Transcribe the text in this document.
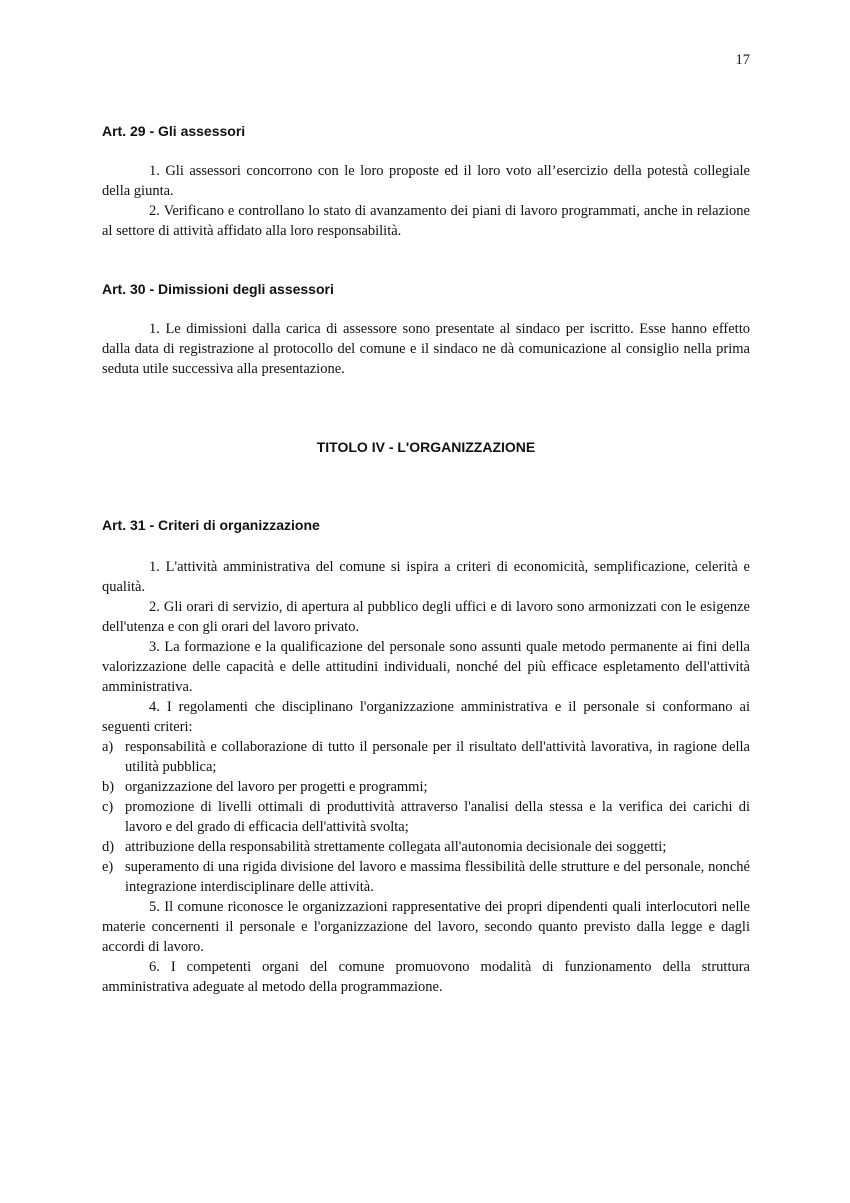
17
Art. 29 - Gli assessori

1. Gli assessori concorrono con le loro proposte ed il loro voto all’esercizio della potestà collegiale della giunta.

2. Verificano e controllano lo stato di avanzamento dei piani di lavoro programmati, anche in relazione al settore di attività affidato alla loro responsabilità.

Art. 30 - Dimissioni degli assessori

1. Le dimissioni dalla carica di assessore sono presentate al sindaco per iscritto. Esse hanno effetto dalla data di registrazione al protocollo del comune e il sindaco ne dà comunicazione al consiglio nella prima seduta utile successiva alla presentazione.

TITOLO IV - L'ORGANIZZAZIONE
Art. 31 - Criteri di organizzazione

1. L'attività amministrativa del comune si ispira a criteri di economicità, semplificazione, celerità e qualità.

2. Gli orari di servizio, di apertura al pubblico degli uffici e di lavoro sono armonizzati con le esigenze dell'utenza e con gli orari del lavoro privato.

3. La formazione e la qualificazione del personale sono assunti quale metodo permanente ai fini della valorizzazione delle capacità e delle attitudini individuali, nonché del più efficace espletamento dell'attività amministrativa.

4. I regolamenti che disciplinano l'organizzazione amministrativa e il personale si conformano ai seguenti criteri:

a) responsabilità e collaborazione di tutto il personale per il risultato dell'attività lavorativa, in ragione della utilità pubblica;
b) organizzazione del lavoro per progetti e programmi;
c) promozione di livelli ottimali di produttività attraverso l'analisi della stessa e la verifica dei carichi di lavoro e del grado di efficacia dell'attività svolta;
d) attribuzione della responsabilità strettamente collegata all'autonomia decisionale dei soggetti;
e) superamento di una rigida divisione del lavoro e massima flessibilità delle strutture e del personale, nonché integrazione interdisciplinare delle attività.

5. Il comune riconosce le organizzazioni rappresentative dei propri dipendenti quali interlocutori nelle materie concernenti il personale e l'organizzazione del lavoro, secondo quanto previsto dalla legge e dagli accordi di lavoro.

6. I competenti organi del comune promuovono modalità di funzionamento della struttura amministrativa adeguate al metodo della programmazione.
